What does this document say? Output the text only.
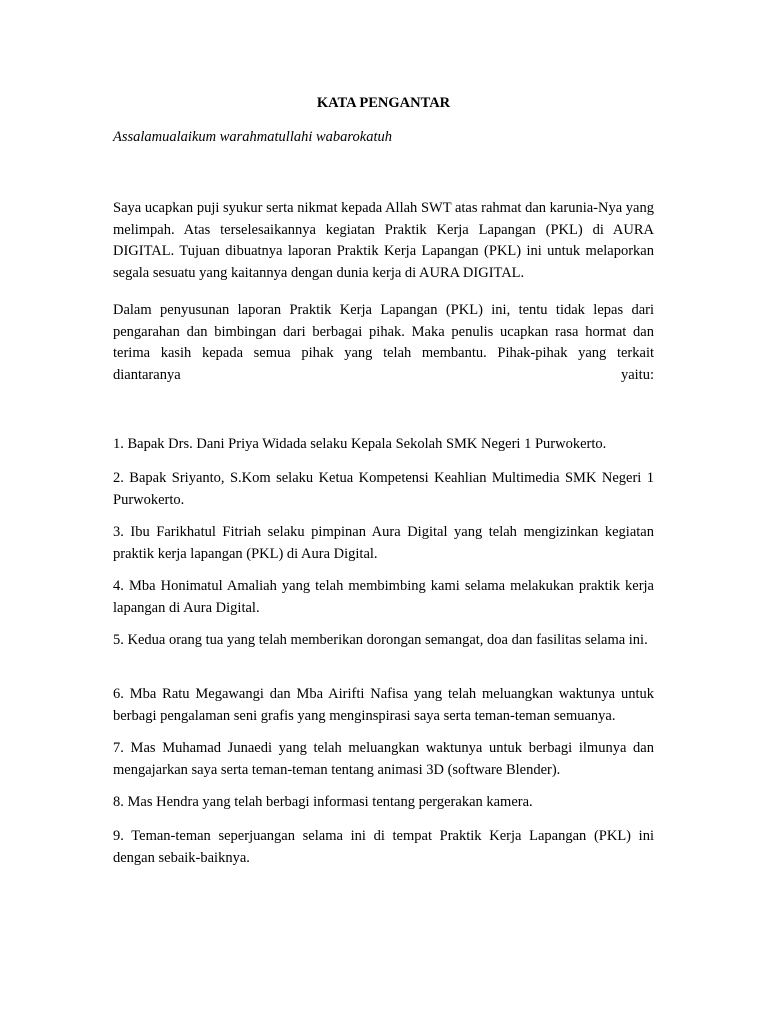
KATA PENGANTAR
Assalamualaikum warahmatullahi wabarokatuh
Saya ucapkan puji syukur serta nikmat kepada Allah SWT atas rahmat dan karunia-Nya yang melimpah. Atas terselesaikannya kegiatan Praktik Kerja Lapangan (PKL) di AURA DIGITAL. Tujuan dibuatnya laporan Praktik Kerja Lapangan (PKL) ini untuk melaporkan segala sesuatu yang kaitannya dengan dunia kerja di AURA DIGITAL.
Dalam penyusunan laporan Praktik Kerja Lapangan (PKL) ini, tentu tidak lepas dari pengarahan dan bimbingan dari berbagai pihak. Maka penulis ucapkan rasa hormat dan terima kasih kepada semua pihak yang telah membantu. Pihak-pihak yang terkait diantaranya yaitu:
1. Bapak Drs. Dani Priya Widada selaku Kepala Sekolah SMK Negeri 1 Purwokerto.
2. Bapak Sriyanto, S.Kom selaku Ketua Kompetensi Keahlian Multimedia SMK Negeri 1 Purwokerto.
3. Ibu Farikhatul Fitriah selaku pimpinan Aura Digital yang telah mengizinkan kegiatan praktik kerja lapangan (PKL) di Aura Digital.
4. Mba Honimatul Amaliah yang telah membimbing kami selama melakukan praktik kerja lapangan di Aura Digital.
5. Kedua orang tua yang telah memberikan dorongan semangat, doa dan fasilitas selama ini.
6. Mba Ratu Megawangi dan Mba Airifti Nafisa yang telah meluangkan waktunya untuk berbagi pengalaman seni grafis yang menginspirasi saya serta teman-teman semuanya.
7. Mas Muhamad Junaedi yang telah meluangkan waktunya untuk berbagi ilmunya dan mengajarkan saya serta teman-teman tentang animasi 3D (software Blender).
8. Mas Hendra yang telah berbagi informasi tentang pergerakan kamera.
9. Teman-teman seperjuangan selama ini di tempat Praktik Kerja Lapangan (PKL) ini dengan sebaik-baiknya.
